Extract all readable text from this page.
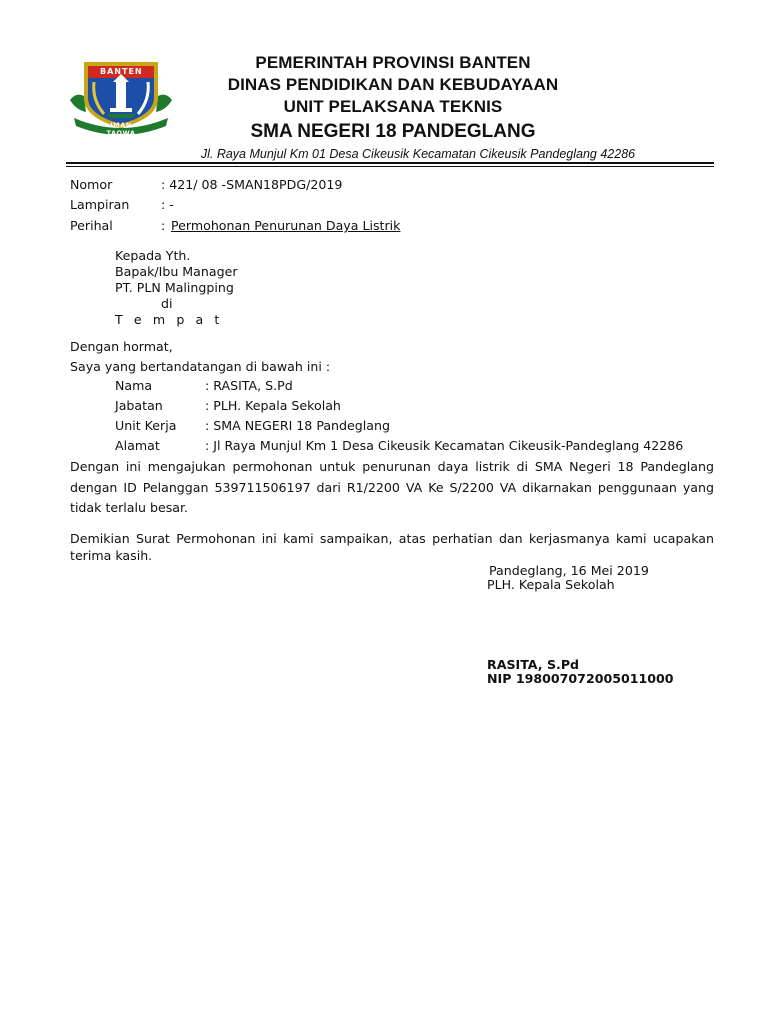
BANTEN
IMAN TAQWA
PEMERINTAH PROVINSI BANTEN
DINAS PENDIDIKAN DAN KEBUDAYAAN
UNIT PELAKSANA TEKNIS
SMA NEGERI 18 PANDEGLANG
Jl. Raya Munjul Km 01 Desa Cikeusik Kecamatan Cikeusik Pandeglang 42286
Nomor	: 421/ 08 -SMAN18PDG/2019
Lampiran	: -
Perihal	: Permohonan Penurunan Daya Listrik
Kepada Yth.
Bapak/Ibu Manager
PT. PLN Malingping
di
T e m p a t
Dengan hormat,
Saya yang bertandatangan di bawah ini :
Nama	: RASITA, S.Pd
Jabatan	: PLH. Kepala Sekolah
Unit Kerja : SMA NEGERI 18 Pandeglang
Alamat	: Jl Raya Munjul Km 1 Desa Cikeusik Kecamatan Cikeusik-Pandeglang 42286
Dengan ini mengajukan permohonan untuk penurunan daya listrik di SMA Negeri 18 Pandeglang dengan ID Pelanggan 539711506197 dari R1/2200 VA Ke S/2200 VA dikarnakan penggunaan yang tidak terlalu besar.
Demikian Surat Permohonan ini kami sampaikan, atas perhatian dan kerjasmanya kami ucapakan terima kasih.
Pandeglang, 16 Mei 2019
PLH. Kepala Sekolah
RASITA, S.Pd
NIP 198007072005011000
